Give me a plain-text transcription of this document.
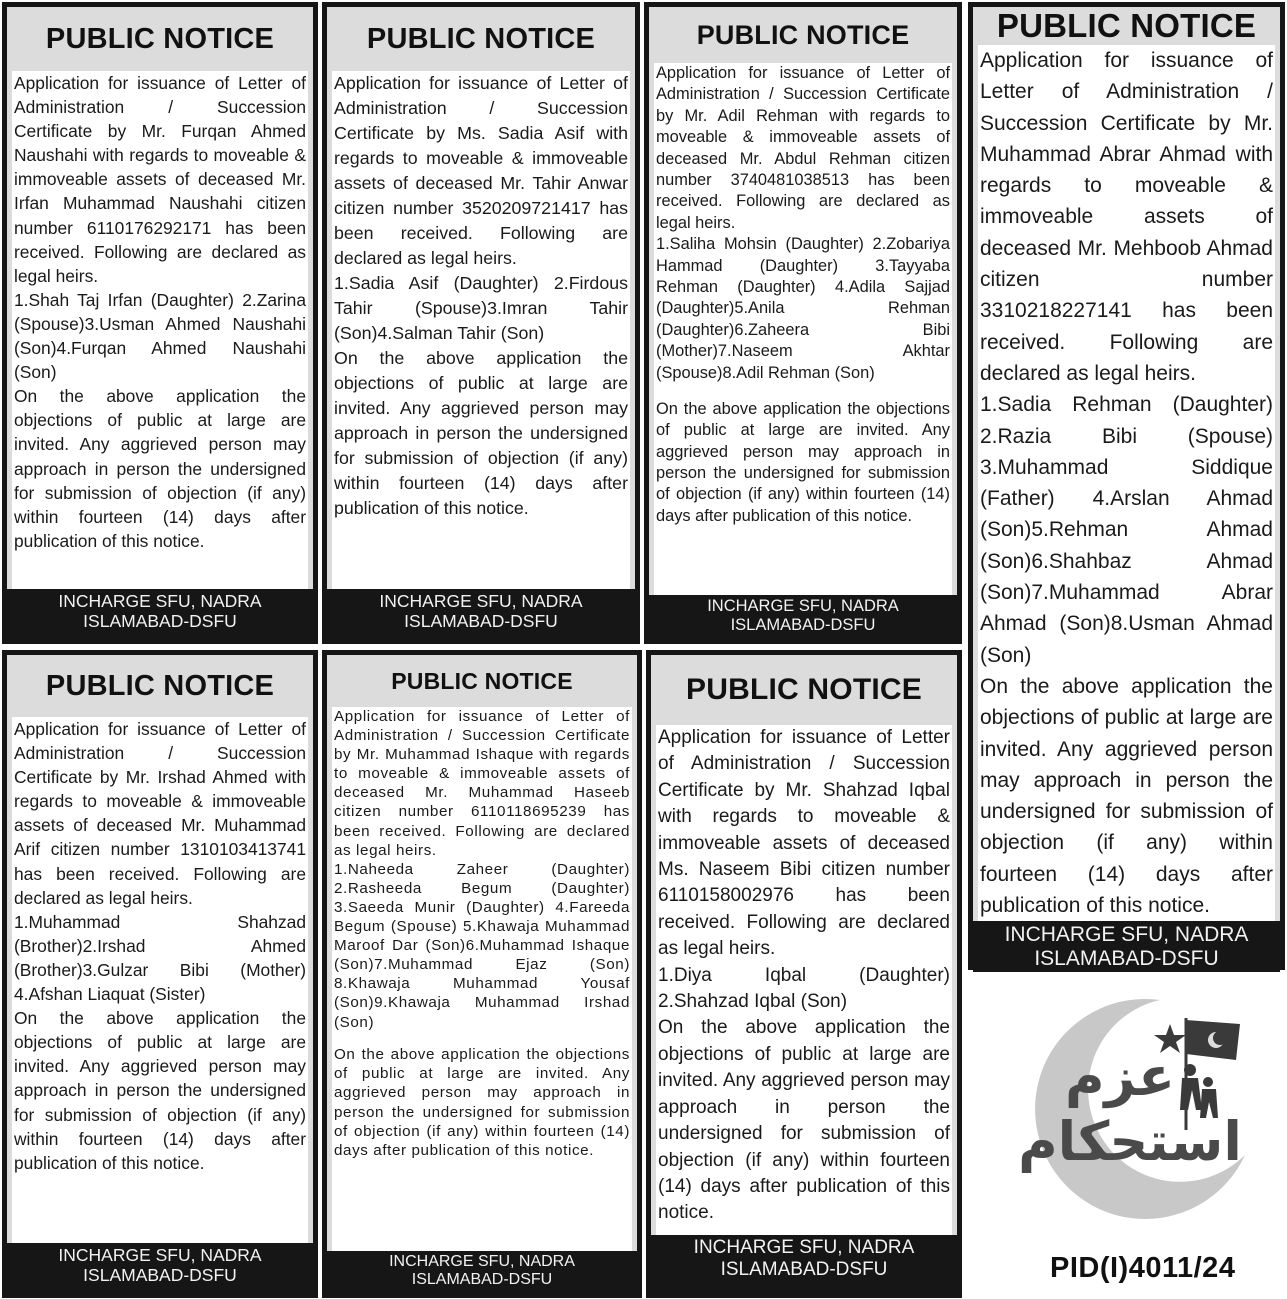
PUBLIC NOTICE

Application for issuance of Letter of Administration / Succession Certificate by Mr. Furqan Ahmed Naushahi with regards to moveable & immoveable assets of deceased Mr. Irfan Muhammad Naushahi citizen number 6110176292171 has been received. Following are declared as legal heirs.

1.Shah Taj Irfan (Daughter) 2.Zarina (Spouse)3.Usman Ahmed Naushahi (Son)4.Furqan Ahmed Naushahi (Son)

On the above application the objections of public at large are invited. Any aggrieved person may approach in person the undersigned for submission of objection (if any) within fourteen (14) days after publication of this notice.

INCHARGE SFU, NADRA
ISLAMABAD-DSFU
PUBLIC NOTICE

Application for issuance of Letter of Administration / Succession Certificate by Ms. Sadia Asif with regards to moveable & immoveable assets of deceased Mr. Tahir Anwar citizen number 3520209721417 has been received. Following are declared as legal heirs.

1.Sadia Asif (Daughter) 2.Firdous Tahir (Spouse)3.Imran Tahir (Son)4.Salman Tahir (Son)

On the above application the objections of public at large are invited. Any aggrieved person may approach in person the undersigned for submission of objection (if any) within fourteen (14) days after publication of this notice.

INCHARGE SFU, NADRA
ISLAMABAD-DSFU
PUBLIC NOTICE

Application for issuance of Letter of Administration / Succession Certificate by Mr. Adil Rehman with regards to moveable & immoveable assets of deceased Mr. Abdul Rehman citizen number 3740481038513 has been received. Following are declared as legal heirs.

1.Saliha Mohsin (Daughter) 2.Zobariya Hammad (Daughter) 3.Tayyaba Rehman (Daughter) 4.Adila Sajjad (Daughter)5.Anila Rehman (Daughter)6.Zaheera Bibi (Mother)7.Naseem Akhtar (Spouse)8.Adil Rehman (Son)

On the above application the objections of public at large are invited. Any aggrieved person may approach in person the undersigned for submission of objection (if any) within fourteen (14) days after publication of this notice.

INCHARGE SFU, NADRA
ISLAMABAD-DSFU
PUBLIC NOTICE

Application for issuance of Letter of Administration / Succession Certificate by Mr. Muhammad Abrar Ahmad with regards to moveable & immoveable assets of deceased Mr. Mehboob Ahmad citizen number 3310218227141 has been received. Following are declared as legal heirs.

1.Sadia Rehman (Daughter) 2.Razia Bibi (Spouse) 3.Muhammad Siddique (Father) 4.Arslan Ahmad (Son)5.Rehman Ahmad (Son)6.Shahbaz Ahmad (Son)7.Muhammad Abrar Ahmad (Son)8.Usman Ahmad (Son)

On the above application the objections of public at large are invited. Any aggrieved person may approach in person the undersigned for submission of objection (if any) within fourteen (14) days after publication of this notice.

INCHARGE SFU, NADRA
ISLAMABAD-DSFU
PUBLIC NOTICE

Application for issuance of Letter of Administration / Succession Certificate by Mr. Irshad Ahmed with regards to moveable & immoveable assets of deceased Mr. Muhammad Arif citizen number 1310103413741 has been received. Following are declared as legal heirs.

1.Muhammad Shahzad (Brother)2.Irshad Ahmed (Brother)3.Gulzar Bibi (Mother) 4.Afshan Liaquat (Sister)

On the above application the objections of public at large are invited. Any aggrieved person may approach in person the undersigned for submission of objection (if any) within fourteen (14) days after publication of this notice.

INCHARGE SFU, NADRA
ISLAMABAD-DSFU
PUBLIC NOTICE

Application for issuance of Letter of Administration / Succession Certificate by Mr. Muhammad Ishaque with regards to moveable & immoveable assets of deceased Mr. Muhammad Haseeb citizen number 6110118695239 has been received. Following are declared as legal heirs.

1.Naheeda Zaheer (Daughter) 2.Rasheeda Begum (Daughter) 3.Saeeda Munir (Daughter) 4.Fareeda Begum (Spouse) 5.Khawaja Muhammad Maroof Dar (Son)6.Muhammad Ishaque (Son)7.Muhammad Ejaz (Son) 8.Khawaja Muhammad Yousaf (Son)9.Khawaja Muhammad Irshad (Son)

On the above application the objections of public at large are invited. Any aggrieved person may approach in person the undersigned for submission of objection (if any) within fourteen (14) days after publication of this notice.

INCHARGE SFU, NADRA
ISLAMABAD-DSFU
PUBLIC NOTICE

Application for issuance of Letter of Administration / Succession Certificate by Mr. Shahzad Iqbal with regards to moveable & immoveable assets of deceased Ms. Naseem Bibi citizen number 6110158002976 has been received. Following are declared as legal heirs.

1.Diya Iqbal (Daughter) 2.Shahzad Iqbal (Son)

On the above application the objections of public at large are invited. Any aggrieved person may approach in person the undersigned for submission of objection (if any) within fourteen (14) days after publication of this notice.

INCHARGE SFU, NADRA
ISLAMABAD-DSFU
عزم
استحکام
PID(I)4011/24
